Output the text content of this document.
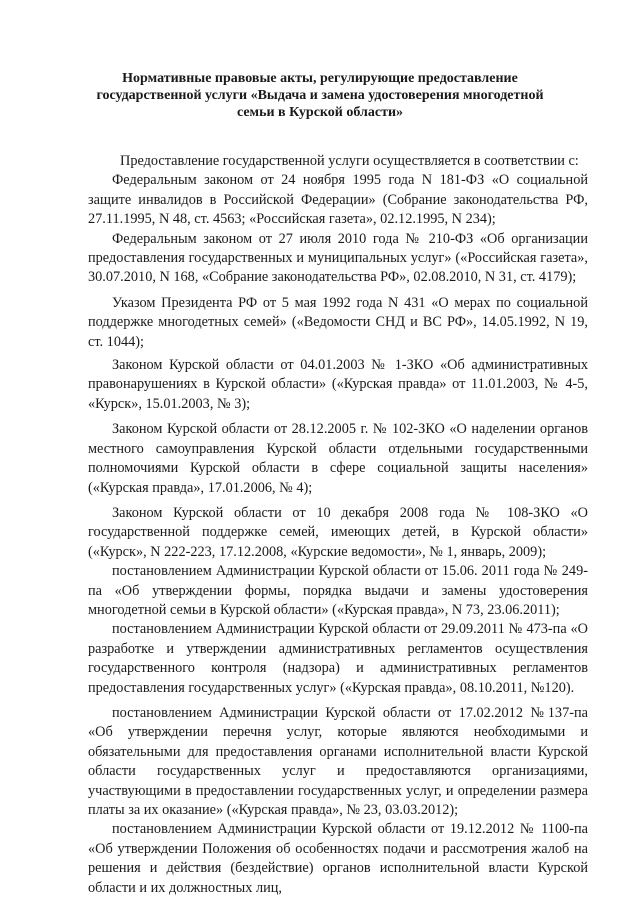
Нормативные правовые акты, регулирующие предоставление государственной услуги «Выдача и замена удостоверения многодетной семьи в Курской области»

Предоставление государственной услуги осуществляется в соответствии с:

Федеральным законом от 24 ноября 1995 года N 181-ФЗ «О социальной защите инвалидов в Российской Федерации» (Собрание законодательства РФ, 27.11.1995, N 48, ст. 4563; «Российская газета», 02.12.1995, N 234);

Федеральным законом от 27 июля 2010 года № 210-ФЗ «Об организации предоставления государственных и муниципальных услуг» («Российская газета», 30.07.2010, N 168, «Собрание законодательства РФ», 02.08.2010, N 31, ст. 4179);

Указом Президента РФ от 5 мая 1992 года N 431 «О мерах по социальной поддержке многодетных семей» («Ведомости СНД и ВС РФ», 14.05.1992, N 19, ст. 1044);

Законом Курской области от 04.01.2003 № 1-ЗКО «Об административных правонарушениях в Курской области» («Курская правда» от 11.01.2003, № 4-5, «Курск», 15.01.2003, № 3);

Законом Курской области от 28.12.2005 г. № 102-ЗКО «О наделении органов местного самоуправления Курской области отдельными государственными полномочиями Курской области в сфере социальной защиты населения» («Курская правда», 17.01.2006, № 4);

Законом Курской области от 10 декабря 2008 года № 108-ЗКО «О государственной поддержке семей, имеющих детей, в Курской области» («Курск», N 222-223, 17.12.2008, «Курские ведомости», № 1, январь, 2009);

постановлением Администрации Курской области от 15.06. 2011 года № 249-па «Об утверждении формы, порядка выдачи и замены удостоверения многодетной семьи в Курской области» («Курская правда», N 73, 23.06.2011);

постановлением Администрации Курской области от 29.09.2011 № 473-па «О разработке и утверждении административных регламентов осуществления государственного контроля (надзора) и административных регламентов предоставления государственных услуг» («Курская правда», 08.10.2011, №120).

постановлением Администрации Курской области от 17.02.2012 №137-па «Об утверждении перечня услуг, которые являются необходимыми и обязательными для предоставления органами исполнительной власти Курской области государственных услуг и предоставляются организациями, участвующими в предоставлении государственных услуг, и определении размера платы за их оказание» («Курская правда», № 23, 03.03.2012);

постановлением Администрации Курской области от 19.12.2012 № 1100-па «Об утверждении Положения об особенностях подачи и рассмотрения жалоб на решения и действия (бездействие) органов исполнительной власти Курской области и их должностных лиц,
